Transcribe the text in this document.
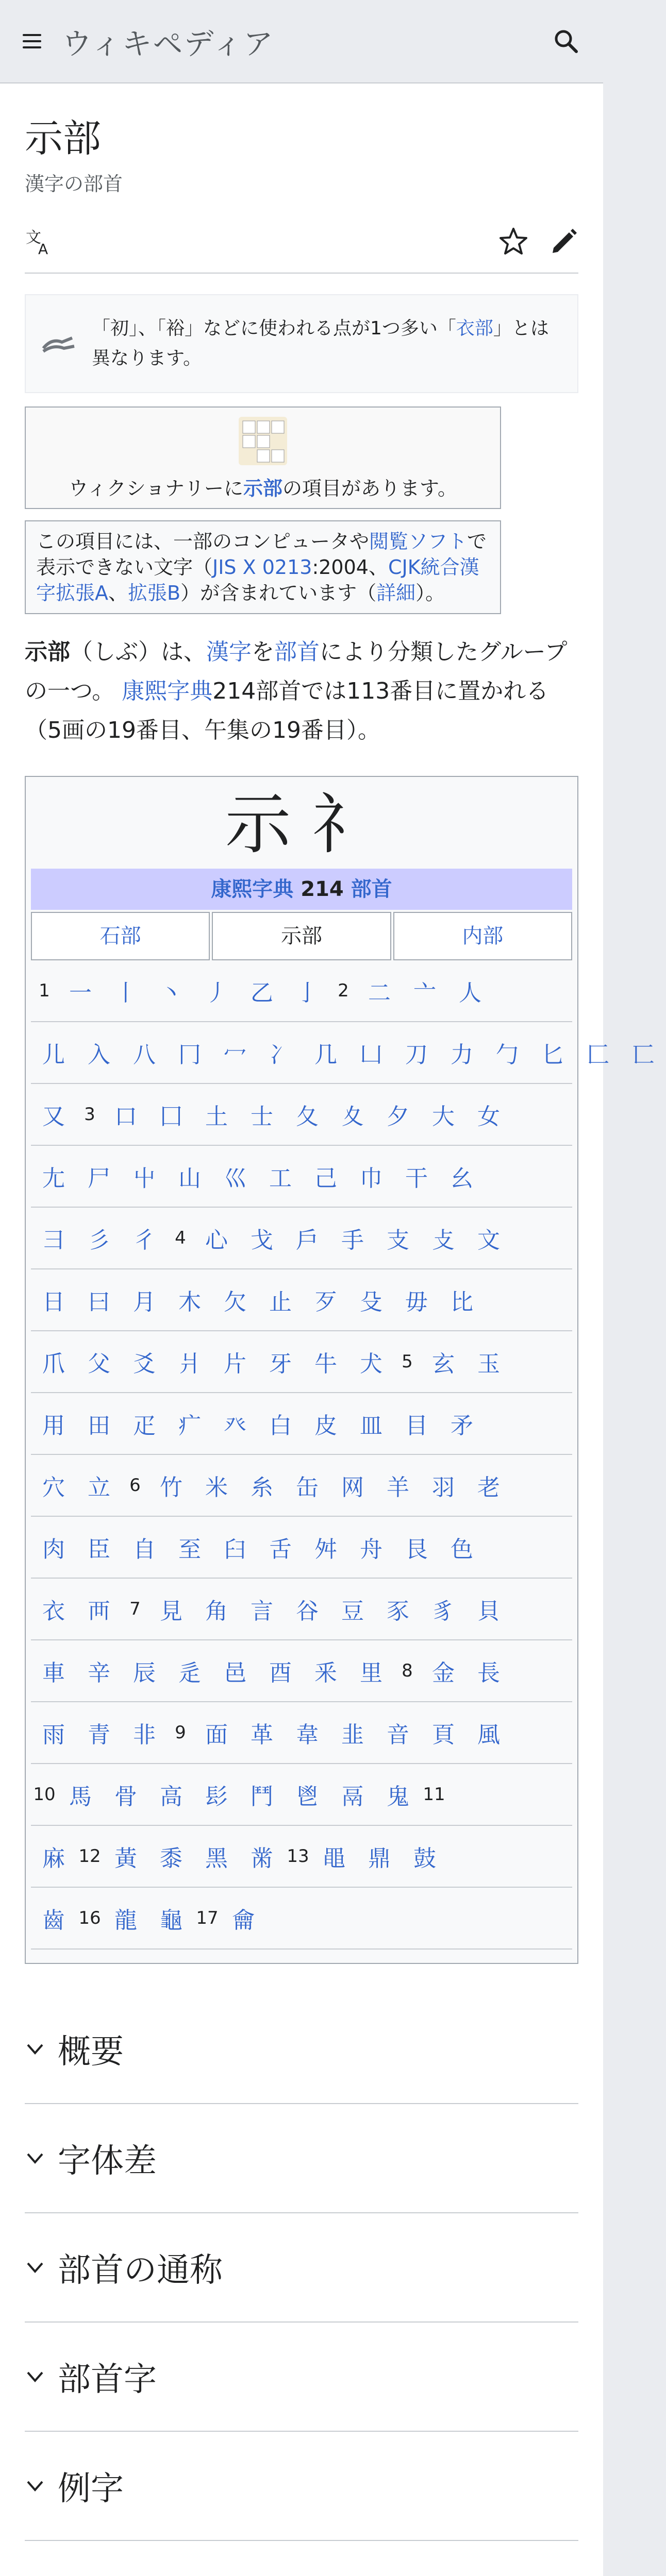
ウィキペディア
示部
漢字の部首
文
A
「初」、「裕」などに使われる点が1つ多い「衣部」とは異なります。
ウィクショナリーに示部の項目があります。
この項目には、一部のコンピュータや閲覧ソフトで表示できない文字（JIS X 0213:2004、CJK統合漢字拡張A、拡張B）が含まれています（詳細）。
示部（しぶ）は、漢字を部首により分類したグループの一つ。 康熙字典214部首では113番目に置かれる（5画の19番目、午集の19番目）。
示 礻
康熙字典 214 部首
石部	示部	内部
1 一	丨	丶	丿	乙	亅	2 二	亠	人
儿	入	八	冂	冖	冫	几	凵	刀	力	勹	匕	匚	匸
又	3 口	囗	土	士	夂	夊	夕	大	女
尢	尸	屮	山	巛	工	己	巾	干	幺
彐	彡	彳	4 心	戈	戶	手	支	攴	文
日	曰	月	木	欠	止	歹	殳	毋	比
爪	父	爻	爿	片	牙	牛	犬	5 玄	玉
用	田	疋	疒	癶	白	皮	皿	目	矛
穴	立	6 竹	米	糸	缶	网	羊	羽	老
肉	臣	自	至	臼	舌	舛	舟	艮	色
衣	襾	7 見	角	言	谷	豆	豕	豸	貝
車	辛	辰	辵	邑	酉	釆	里	8 金	長
雨	青	非	9 面	革	韋	韭	音	頁	風
10 馬	骨	高	髟	鬥	鬯	鬲	鬼 11
麻 12 黃	黍	黑	黹 13 黽	鼎	鼓
齒 16 龍	龜 17 龠
概要
字体差
部首の通称
部首字
例字
